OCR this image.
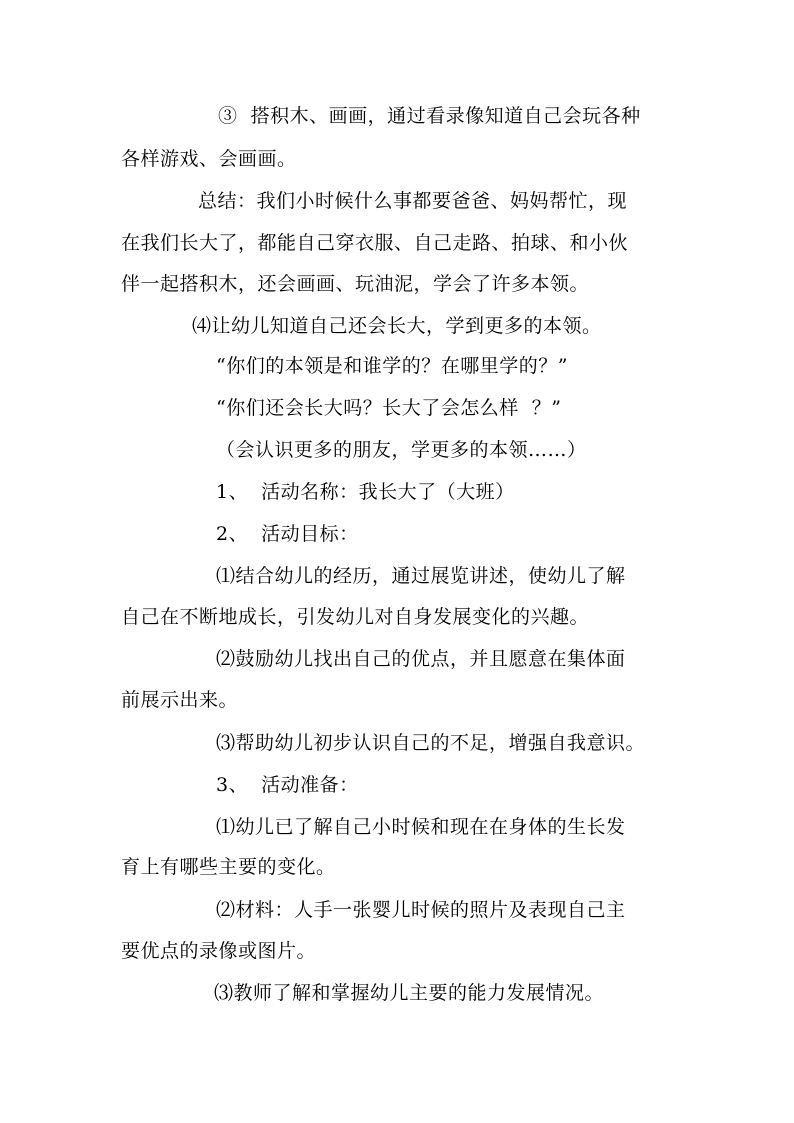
③  搭积木、画画，通过看录像知道自己会玩各种
各样游戏、会画画。
总结：我们小时候什么事都要爸爸、妈妈帮忙，现
在我们长大了，都能自己穿衣服、自己走路、拍球、和小伙
伴一起搭积木，还会画画、玩油泥，学会了许多本领。
⑷让幼儿知道自己还会长大，学到更多的本领。
“你们的本领是和谁学的？在哪里学的？”
“你们还会长大吗？长大了会怎么样  ？”
（会认识更多的朋友，学更多的本领……）
1、  活动名称：我长大了（大班）
2、  活动目标：
⑴结合幼儿的经历，通过展览讲述，使幼儿了解
自己在不断地成长，引发幼儿对自身发展变化的兴趣。
⑵鼓励幼儿找出自己的优点，并且愿意在集体面
前展示出来。
⑶帮助幼儿初步认识自己的不足，增强自我意识。
3、  活动准备：
⑴幼儿已了解自己小时候和现在在身体的生长发
育上有哪些主要的变化。
⑵材料：人手一张婴儿时候的照片及表现自己主
要优点的录像或图片。
⑶教师了解和掌握幼儿主要的能力发展情况。
